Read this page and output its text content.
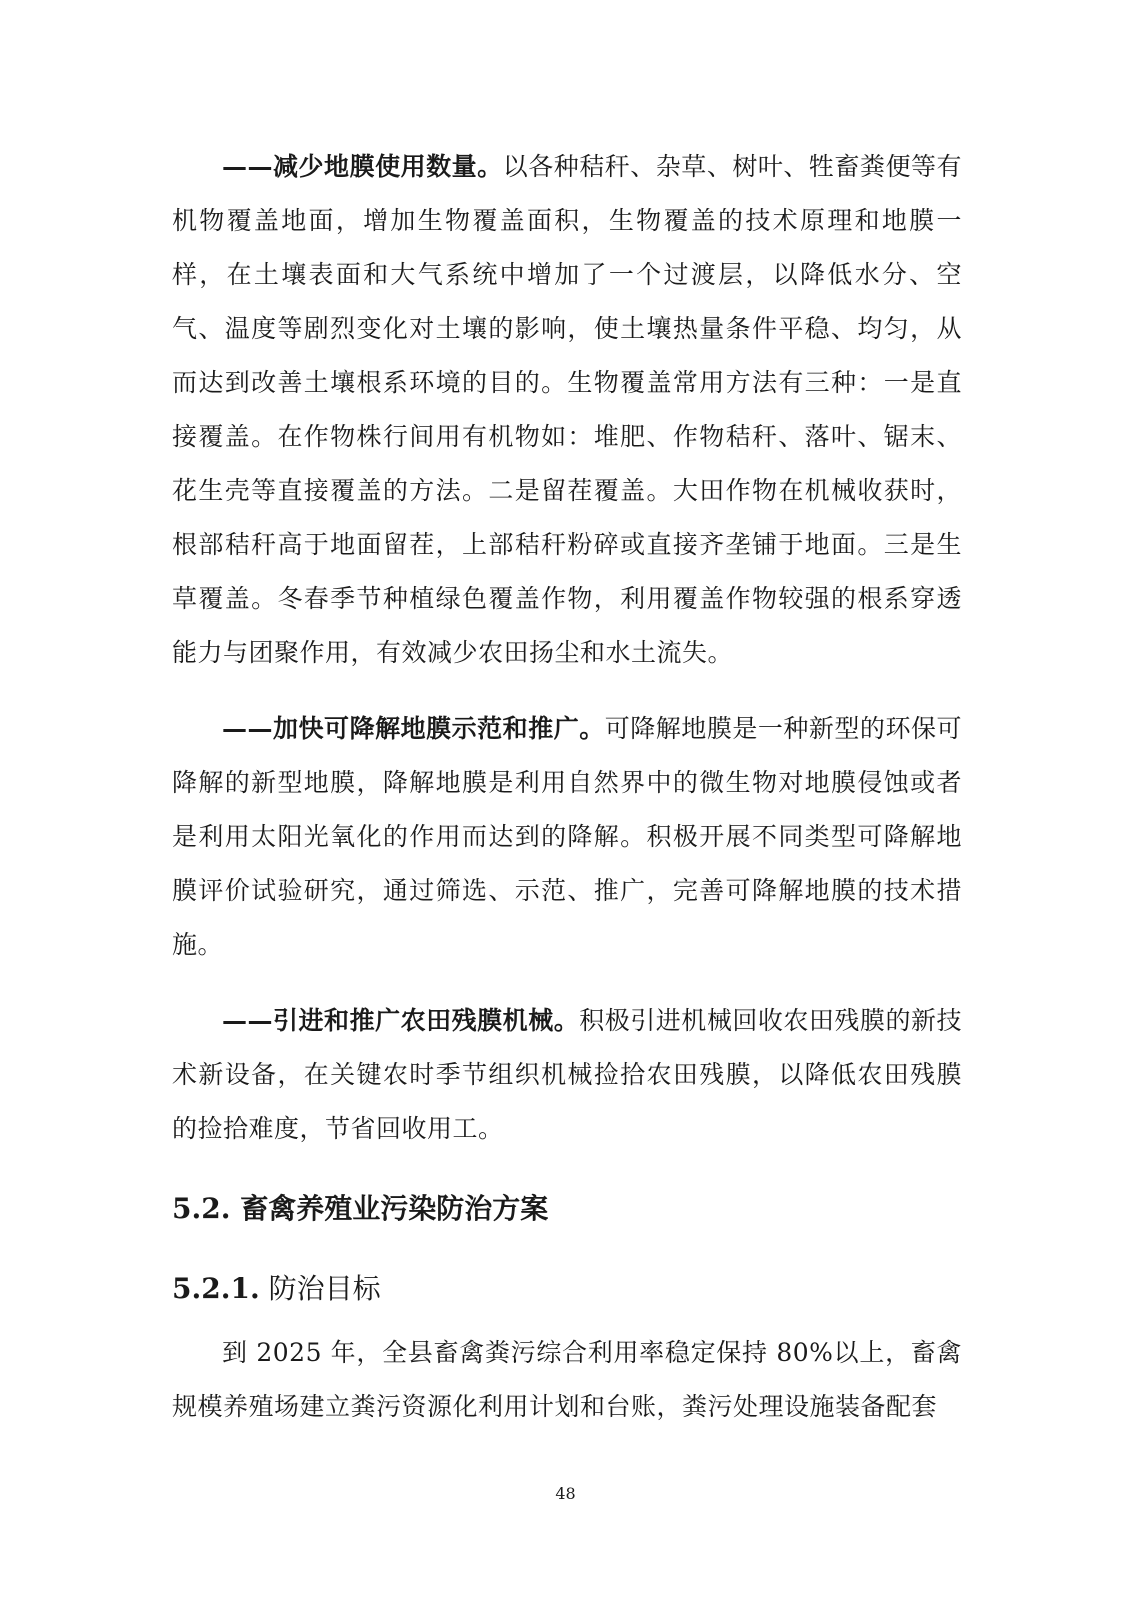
——减少地膜使用数量。以各种秸秆、杂草、树叶、牲畜粪便等有机物覆盖地面，增加生物覆盖面积，生物覆盖的技术原理和地膜一样，在土壤表面和大气系统中增加了一个过渡层，以降低水分、空气、温度等剧烈变化对土壤的影响，使土壤热量条件平稳、均匀，从而达到改善土壤根系环境的目的。生物覆盖常用方法有三种：一是直接覆盖。在作物株行间用有机物如：堆肥、作物秸秆、落叶、锯末、花生壳等直接覆盖的方法。二是留茬覆盖。大田作物在机械收获时，根部秸秆高于地面留茬，上部秸秆粉碎或直接齐垄铺于地面。三是生草覆盖。冬春季节种植绿色覆盖作物，利用覆盖作物较强的根系穿透能力与团聚作用，有效减少农田扬尘和水土流失。

——加快可降解地膜示范和推广。可降解地膜是一种新型的环保可降解的新型地膜，降解地膜是利用自然界中的微生物对地膜侵蚀或者是利用太阳光氧化的作用而达到的降解。积极开展不同类型可降解地膜评价试验研究，通过筛选、示范、推广，完善可降解地膜的技术措施。

——引进和推广农田残膜机械。积极引进机械回收农田残膜的新技术新设备，在关键农时季节组织机械捡拾农田残膜，以降低农田残膜的捡拾难度，节省回收用工。

5.2. 畜禽养殖业污染防治方案
5.2.1. 防治目标

到 2025 年，全县畜禽粪污综合利用率稳定保持 80%以上，畜禽规模养殖场建立粪污资源化利用计划和台账，粪污处理设施装备配套

48
